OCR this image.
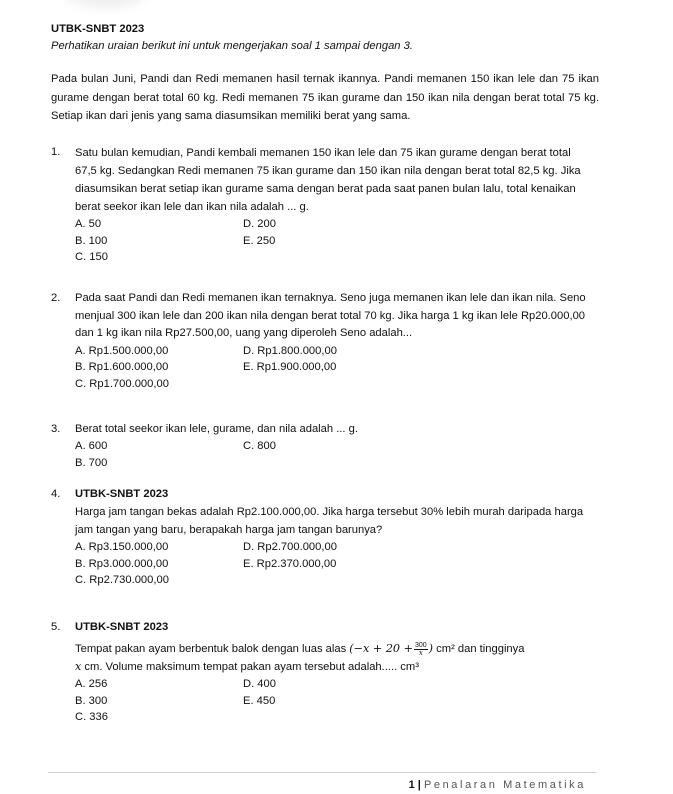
UTBK-SNBT 2023
Perhatikan uraian berikut ini untuk mengerjakan soal 1 sampai dengan 3.
Pada bulan Juni, Pandi dan Redi memanen hasil ternak ikannya. Pandi memanen 150 ikan lele dan 75 ikan gurame dengan berat total 60 kg. Redi memanen 75 ikan gurame dan 150 ikan nila dengan berat total 75 kg. Setiap ikan dari jenis yang sama diasumsikan memiliki berat yang sama.
1. Satu bulan kemudian, Pandi kembali memanen 150 ikan lele dan 75 ikan gurame dengan berat total 67,5 kg. Sedangkan Redi memanen 75 ikan gurame dan 150 ikan nila dengan berat total 82,5 kg. Jika diasumsikan berat setiap ikan gurame sama dengan berat pada saat panen bulan lalu, total kenaikan berat seekor ikan lele dan ikan nila adalah ... g.
A. 50	D. 200
B. 100	E. 250
C. 150
2. Pada saat Pandi dan Redi memanen ikan ternaknya. Seno juga memanen ikan lele dan ikan nila. Seno menjual 300 ikan lele dan 200 ikan nila dengan berat total 70 kg. Jika harga 1 kg ikan lele Rp20.000,00 dan 1 kg ikan nila Rp27.500,00, uang yang diperoleh Seno adalah...
A. Rp1.500.000,00	D. Rp1.800.000,00
B. Rp1.600.000,00	E. Rp1.900.000,00
C. Rp1.700.000,00
3. Berat total seekor ikan lele, gurame, dan nila adalah ... g.
A. 600	C. 800
B. 700
4. UTBK-SNBT 2023
Harga jam tangan bekas adalah Rp2.100.000,00. Jika harga tersebut 30% lebih murah daripada harga jam tangan yang baru, berapakah harga jam tangan barunya?
A. Rp3.150.000,00	D. Rp2.700.000,00
B. Rp3.000.000,00	E. Rp2.370.000,00
C. Rp2.730.000,00
5. UTBK-SNBT 2023
Tempat pakan ayam berbentuk balok dengan luas alas ($-x + 20 + \frac{300}{x}$ ) cm² dan tingginya
x cm. Volume maksimum tempat pakan ayam tersebut adalah..... cm³
A. 256	D. 400
B. 300	E. 450
C. 336
1 | Penalaran Matematika
